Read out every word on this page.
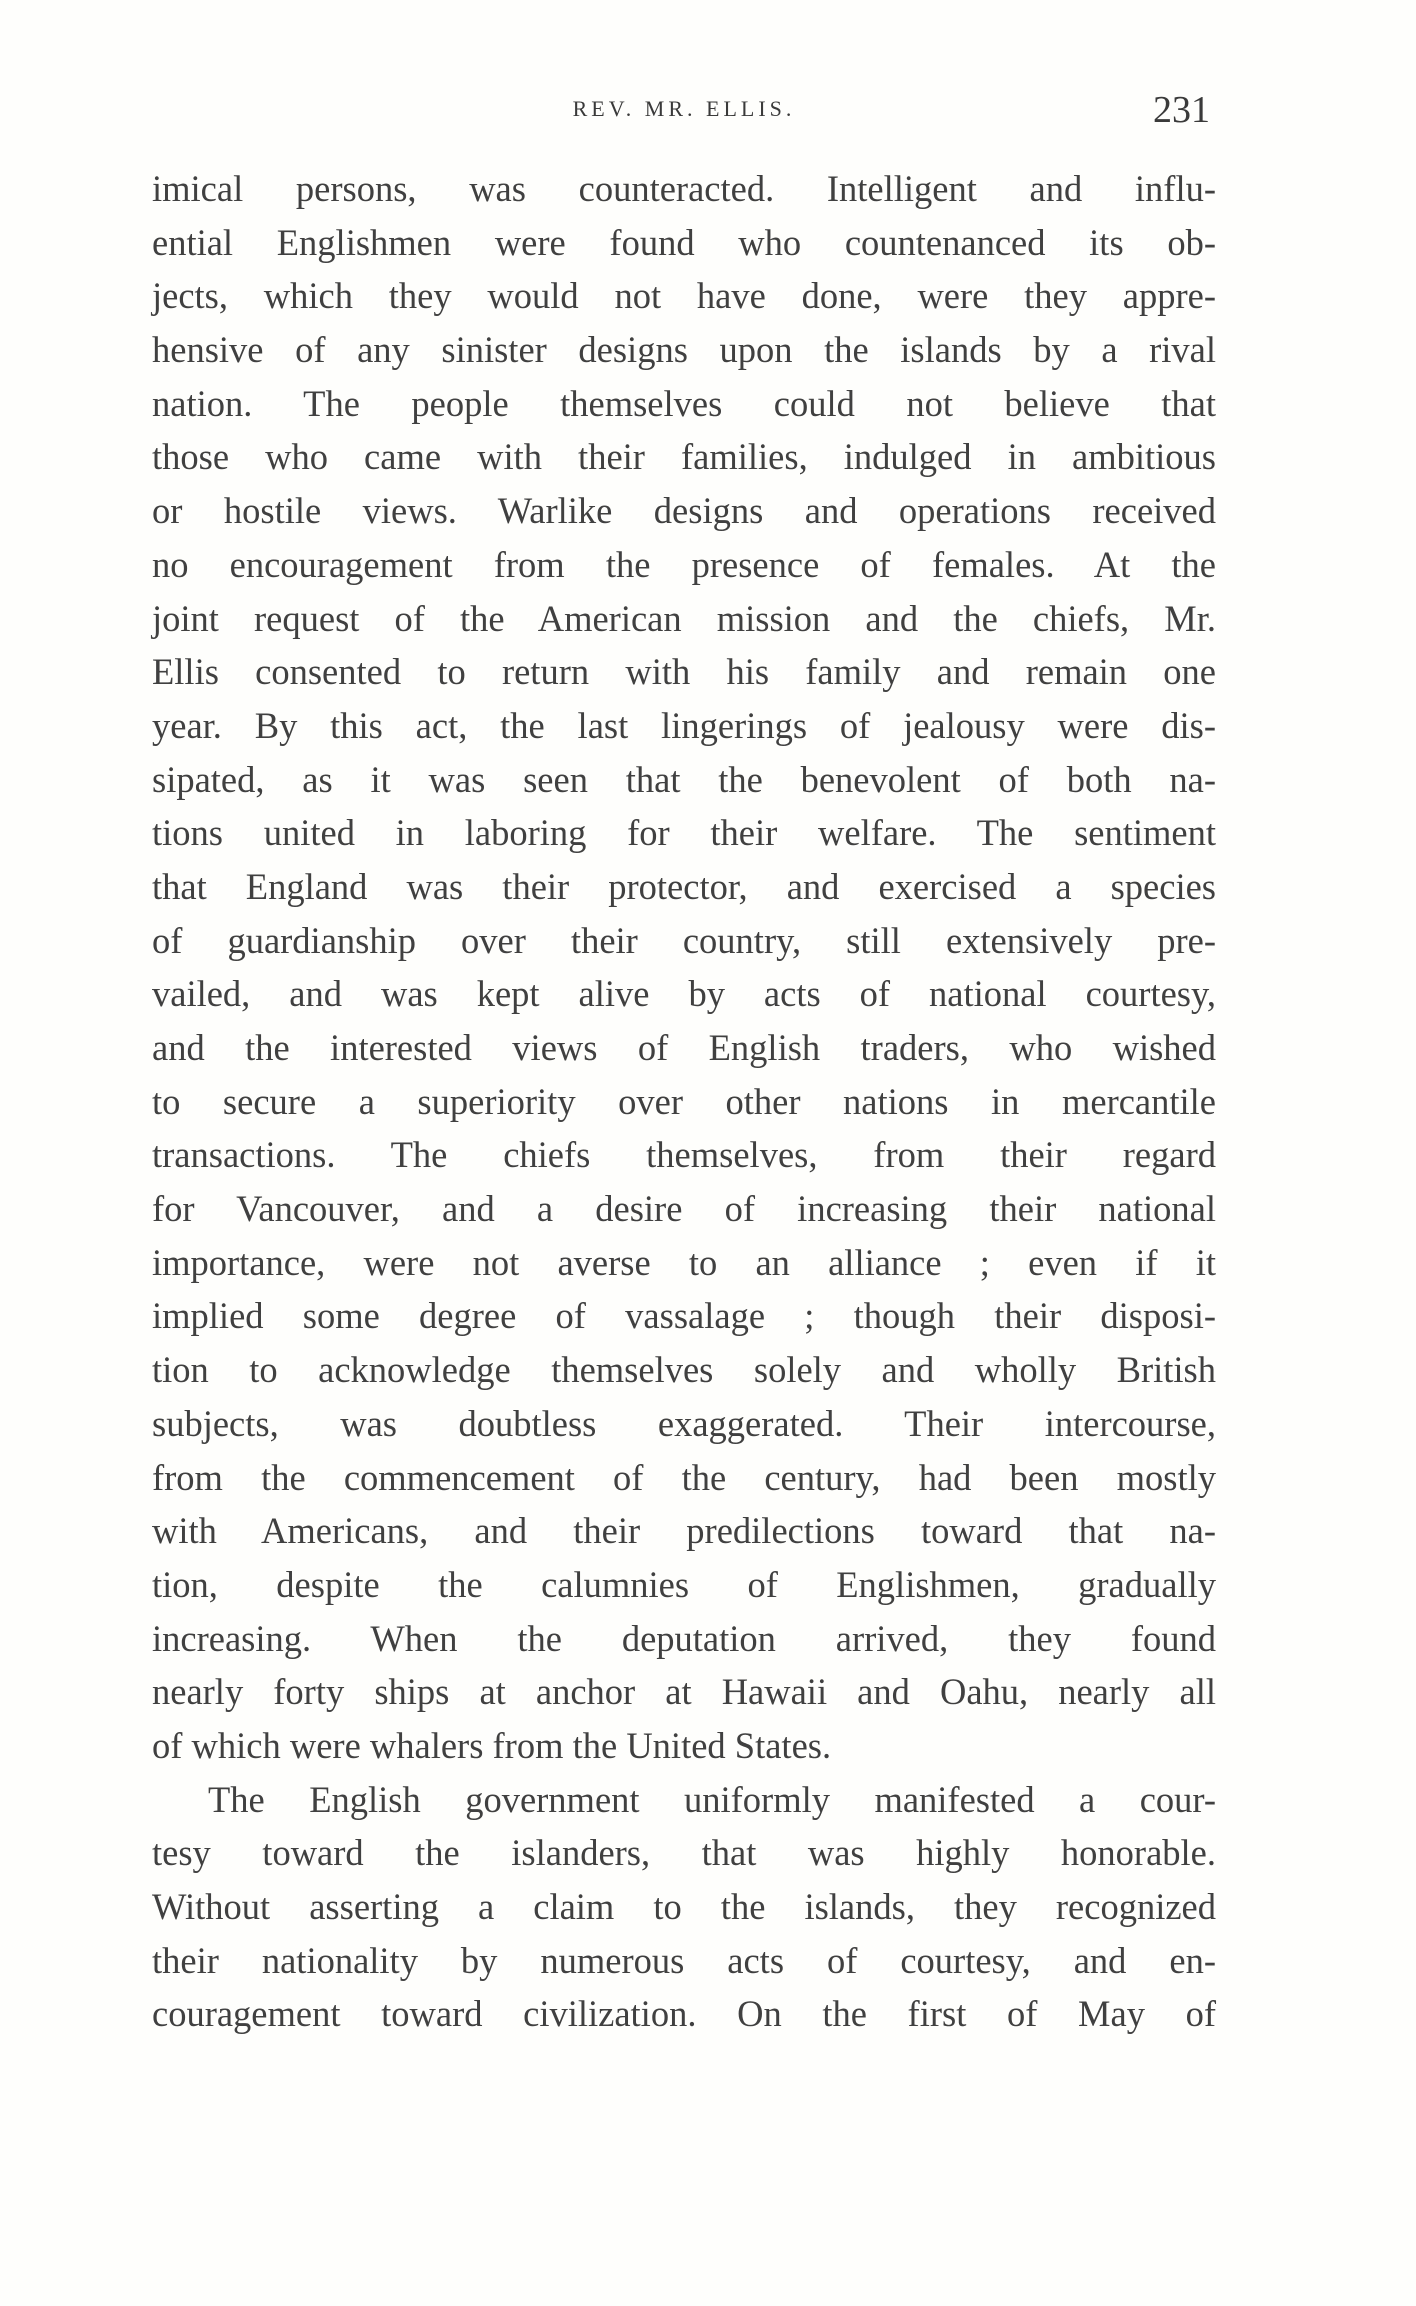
REV. MR. ELLIS.	231
imical persons, was counteracted. Intelligent and influ-
ential Englishmen were found who countenanced its ob-
jects, which they would not have done, were they appre-
hensive of any sinister designs upon the islands by a rival
nation. The people themselves could not believe that
those who came with their families, indulged in ambitious
or hostile views. Warlike designs and operations received
no encouragement from the presence of females. At the
joint request of the American mission and the chiefs, Mr.
Ellis consented to return with his family and remain one
year. By this act, the last lingerings of jealousy were dis-
sipated, as it was seen that the benevolent of both na-
tions united in laboring for their welfare. The sentiment
that England was their protector, and exercised a species
of guardianship over their country, still extensively pre-
vailed, and was kept alive by acts of national courtesy,
and the interested views of English traders, who wished
to secure a superiority over other nations in mercantile
transactions. The chiefs themselves, from their regard
for Vancouver, and a desire of increasing their national
importance, were not averse to an alliance ; even if it
implied some degree of vassalage ; though their disposi-
tion to acknowledge themselves solely and wholly British
subjects, was doubtless exaggerated. Their intercourse,
from the commencement of the century, had been mostly
with Americans, and their predilections toward that na-
tion, despite the calumnies of Englishmen, gradually
increasing. When the deputation arrived, they found
nearly forty ships at anchor at Hawaii and Oahu, nearly all
of which were whalers from the United States.
The English government uniformly manifested a cour-
tesy toward the islanders, that was highly honorable.
Without asserting a claim to the islands, they recognized
their nationality by numerous acts of courtesy, and en-
couragement toward civilization. On the first of May of
